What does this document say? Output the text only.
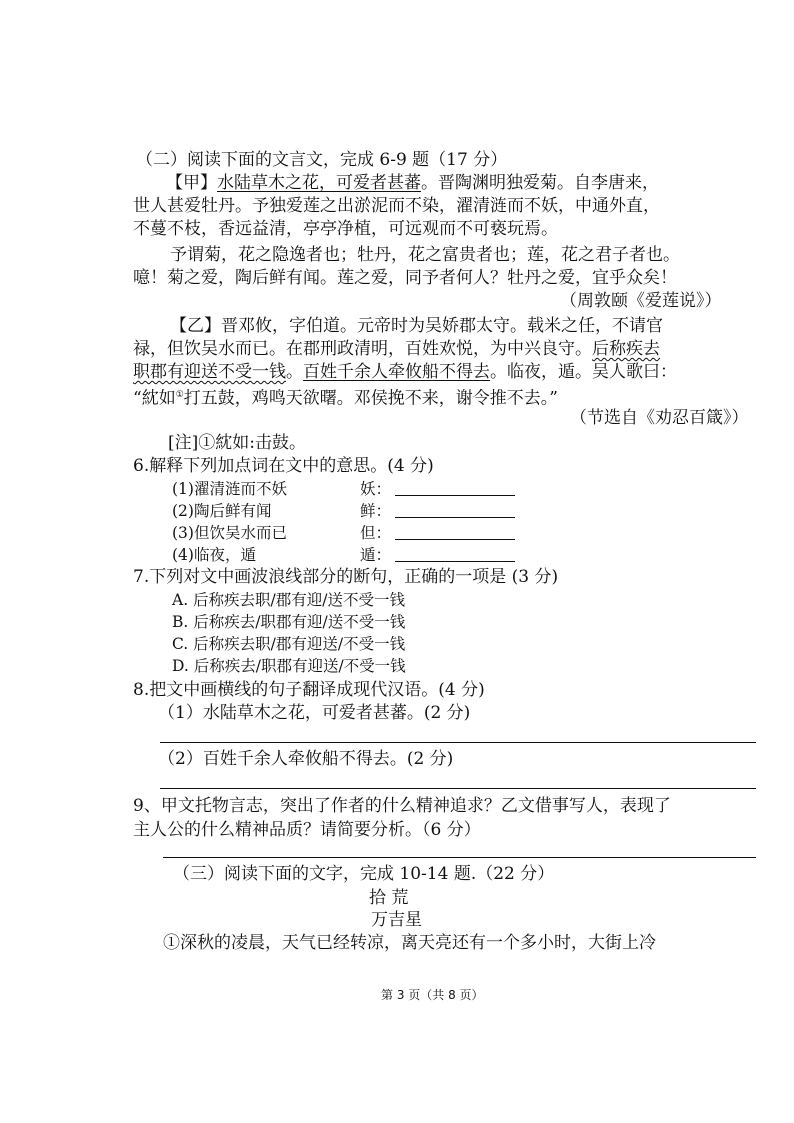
（二）阅读下面的文言文，完成 6-9 题（17 分）
【甲】水陆草木之花，可爱者甚蕃。晋陶渊明独爱菊。自李唐来，
世人甚爱牡丹。予独爱莲之出淤泥而不染，濯清涟而不妖，中通外直，
不蔓不枝，香远益清，亭亭净植，可远观而不可亵玩焉。
予谓菊，花之隐逸者也；牡丹，花之富贵者也；莲，花之君子者也。
噫！菊之爱，陶后鲜有闻。莲之爱，同予者何人？牡丹之爱，宜乎众矣！
（周敦颐《爱莲说》）
【乙】晋邓攸，字伯道。元帝时为吴娇郡太守。载米之任，不请官
禄，但饮吴水而已。在郡刑政清明，百姓欢悦，为中兴良守。后称疾去
职郡有迎送不受一钱。百姓千余人牵攸船不得去。临夜，遁。吴人歌曰：
“紞如①打五鼓，鸡鸣天欲曙。邓侯挽不来，谢令推不去。”
（节选自《劝忍百箴》）
[注]①紞如:击鼓。
6.解释下列加点词在文中的意思。(4 分)
(1)濯清涟而不妖	妖：
(2)陶后鲜有闻	鲜：
(3)但饮吴水而已	但：
(4)临夜，遁	遁：
7.下列对文中画波浪线部分的断句，正确的一项是 (3 分)
A. 后称疾去职/郡有迎/送不受一钱
B. 后称疾去/职郡有迎/送不受一钱
C. 后称疾去职/郡有迎送/不受一钱
D. 后称疾去/职郡有迎送/不受一钱
8.把文中画横线的句子翻译成现代汉语。(4 分)
（1）水陆草木之花，可爱者甚蕃。(2 分)
（2）百姓千余人牵攸船不得去。(2 分)
9、甲文托物言志，突出了作者的什么精神追求？乙文借事写人，表现了
主人公的什么精神品质？请简要分析。（6 分）
（三）阅读下面的文字，完成 10-14 题.（22 分）
拾 荒
万吉星
①深秋的凌晨，天气已经转凉，离天亮还有一个多小时，大街上冷
第 3 页（共 8 页）
